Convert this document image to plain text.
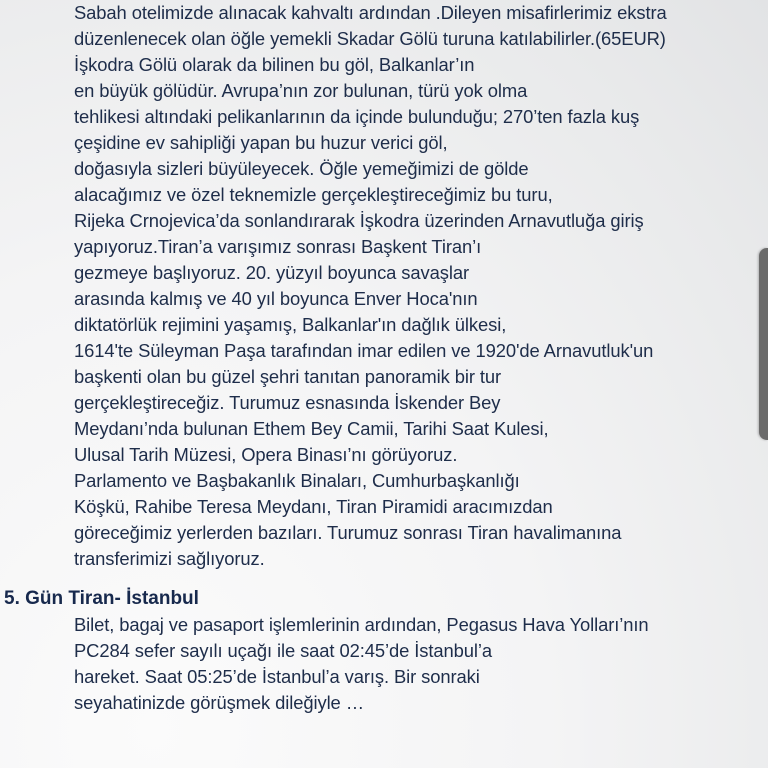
Sabah otelimizde alınacak kahvaltı ardından .Dileyen misafirlerimiz ekstra
düzenlenecek olan öğle yemekli Skadar Gölü turuna katılabilirler.(65EUR)
İşkodra Gölü olarak da bilinen bu göl, Balkanlar’ın
en büyük gölüdür. Avrupa’nın zor bulunan, türü yok olma
tehlikesi altındaki pelikanlarının da içinde bulunduğu; 270’ten fazla kuş
çeşidine ev sahipliği yapan bu huzur verici göl,
doğasıyla sizleri büyüleyecek. Öğle yemeğimizi de gölde
alacağımız ve özel teknemizle gerçekleştireceğimiz bu turu,
Rijeka Crnojevica’da sonlandırarak İşkodra üzerinden Arnavutluğa giriş
yapıyoruz.Tiran’a varışımız sonrası Başkent Tiran’ı
gezmeye başlıyoruz. 20. yüzyıl boyunca savaşlar
arasında kalmış ve 40 yıl boyunca Enver Hoca'nın
diktatörlük rejimini yaşamış, Balkanlar'ın dağlık ülkesi,
1614'te Süleyman Paşa tarafından imar edilen ve 1920'de Arnavutluk'un
başkenti olan bu güzel şehri tanıtan panoramik bir tur
gerçekleştireceğiz. Turumuz esnasında İskender Bey
Meydanı’nda bulunan Ethem Bey Camii, Tarihi Saat Kulesi,
Ulusal Tarih Müzesi, Opera Binası’nı görüyoruz.
Parlamento ve Başbakanlık Binaları, Cumhurbaşkanlığı
Köşkü, Rahibe Teresa Meydanı, Tiran Piramidi aracımızdan
göreceğimiz yerlerden bazıları. Turumuz sonrası Tiran havalimanına
transferimizi sağlıyoruz.
5. Gün Tiran- İstanbul
Bilet, bagaj ve pasaport işlemlerinin ardından, Pegasus Hava Yolları’nın
PC284 sefer sayılı uçağı ile saat 02:45’de İstanbul’a
hareket. Saat 05:25’de İstanbul’a varış. Bir sonraki
seyahatinizde görüşmek dileğiyle …
